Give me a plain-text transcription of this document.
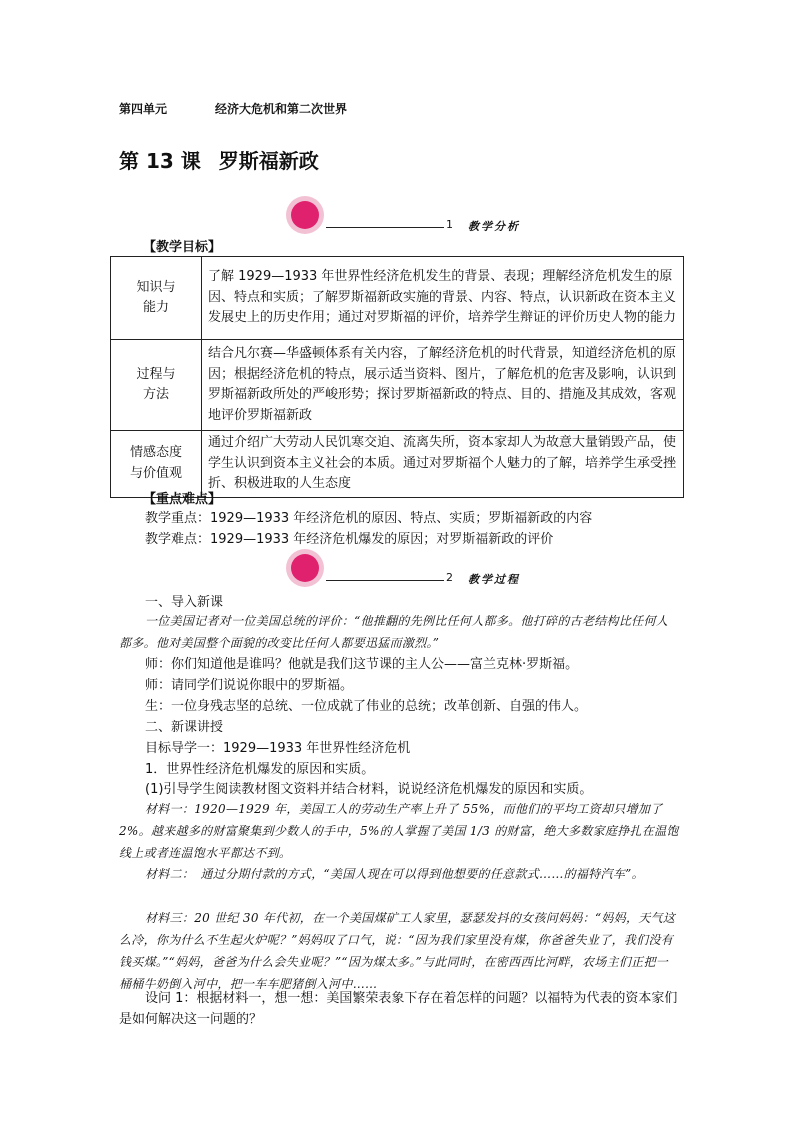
第四单元	经济大危机和第二次世界
第 13 课 罗斯福新政
1 教学分析
【教学目标】
知识与
能力	了解 1929—1933 年世界性经济危机发生的背景、表现；理解经济危机发生的原因、特点和实质；了解罗斯福新政实施的背景、内容、特点，认识新政在资本主义发展史上的历史作用；通过对罗斯福的评价，培养学生辩证的评价历史人物的能力
过程与
方法	结合凡尔赛—华盛顿体系有关内容，了解经济危机的时代背景，知道经济危机的原因；根据经济危机的特点，展示适当资料、图片，了解危机的危害及影响，认识到罗斯福新政所处的严峻形势；探讨罗斯福新政的特点、目的、措施及其成效，客观地评价罗斯福新政
情感态度
与价值观	通过介绍广大劳动人民饥寒交迫、流离失所，资本家却人为故意大量销毁产品，使学生认识到资本主义社会的本质。通过对罗斯福个人魅力的了解，培养学生承受挫折、积极进取的人生态度
【重点难点】
教学重点：1929—1933 年经济危机的原因、特点、实质；罗斯福新政的内容
教学难点：1929—1933 年经济危机爆发的原因；对罗斯福新政的评价
2 教学过程
一、导入新课
一位美国记者对一位美国总统的评价：“他推翻的先例比任何人都多。他打碎的古老结构比任何人都多。他对美国整个面貌的改变比任何人都要迅猛而激烈。”
师：你们知道他是谁吗？他就是我们这节课的主人公——富兰克林·罗斯福。
师：请同学们说说你眼中的罗斯福。
生：一位身残志坚的总统、一位成就了伟业的总统；改革创新、自强的伟人。
二、新课讲授
目标导学一：1929—1933 年世界性经济危机
1．世界性经济危机爆发的原因和实质。
(1)引导学生阅读教材图文资料并结合材料，说说经济危机爆发的原因和实质。
材料一：1920—1929 年，美国工人的劳动生产率上升了 55%，而他们的平均工资却只增加了 2%。越来越多的财富聚集到少数人的手中，5%的人掌握了美国 1/3 的财富，绝大多数家庭挣扎在温饱线上或者连温饱水平都达不到。
材料二：　通过分期付款的方式，“美国人现在可以得到他想要的任意款式……的福特汽车”。
材料三：20 世纪 30 年代初，在一个美国煤矿工人家里，瑟瑟发抖的女孩问妈妈：“妈妈，天气这么冷，你为什么不生起火炉呢？”妈妈叹了口气，说：“因为我们家里没有煤，你爸爸失业了，我们没有钱买煤。”“妈妈，爸爸为什么会失业呢？”“因为煤太多。”与此同时，在密西西比河畔，农场主们正把一桶桶牛奶倒入河中，把一车车肥猪倒入河中……
设问 1：根据材料一，想一想：美国繁荣表象下存在着怎样的问题？以福特为代表的资本家们是如何解决这一问题的？
